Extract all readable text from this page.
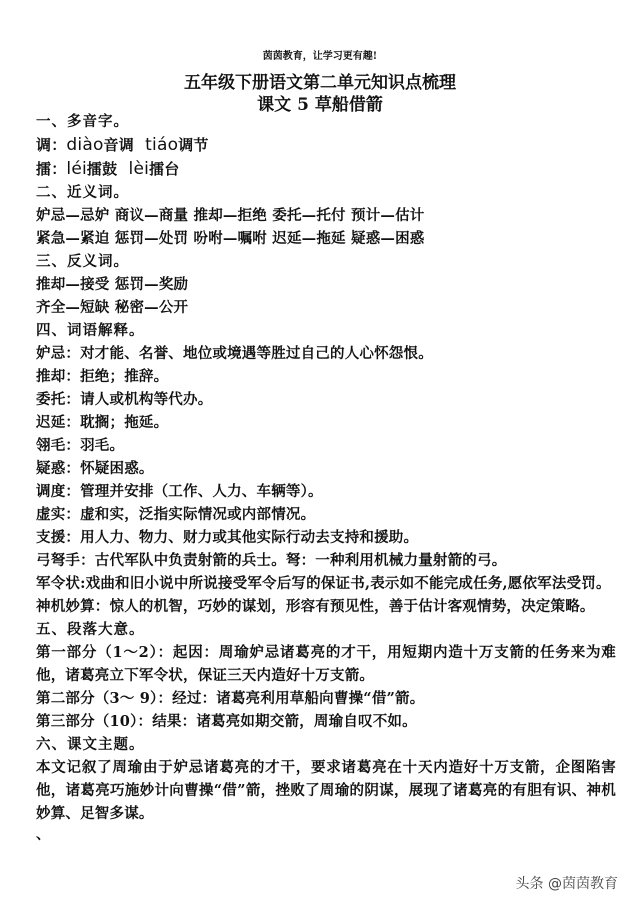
茵茵教育，让学习更有趣!
五年级下册语文第二单元知识点梳理
课文 5 草船借箭
一、多音字。
调：diào音调 tiáo调节
擂：léi擂鼓 lèi擂台
二、近义词。
妒忌—忌妒 商议—商量 推却—拒绝 委托—托付 预计—估计
紧急—紧迫 惩罚—处罚 吩咐—嘱咐 迟延—拖延 疑惑—困惑
三、反义词。
推却—接受 惩罚—奖励
齐全—短缺 秘密—公开
四、词语解释。
妒忌：对才能、名誉、地位或境遇等胜过自己的人心怀怨恨。
推却：拒绝；推辞。
委托：请人或机构等代办。
迟延：耽搁；拖延。
翎毛：羽毛。
疑惑：怀疑困惑。
调度：管理并安排（工作、人力、车辆等）。
虚实：虚和实，泛指实际情况或内部情况。
支援：用人力、物力、财力或其他实际行动去支持和援助。
弓弩手：古代军队中负责射箭的兵士。弩：一种利用机械力量射箭的弓。
军令状:戏曲和旧小说中所说接受军令后写的保证书,表示如不能完成任务,愿依军法受罚。
神机妙算：惊人的机智，巧妙的谋划，形容有预见性，善于估计客观情势，决定策略。
五、段落大意。
第一部分（1～2）：起因：周瑜妒忌诸葛亮的才干，用短期内造十万支箭的任务来为难他，诸葛亮立下军令状，保证三天内造好十万支箭。
第二部分（3～ 9）：经过：诸葛亮利用草船向曹操“借”箭。
第三部分（10）：结果：诸葛亮如期交箭，周瑜自叹不如。
六、课文主题。
本文记叙了周瑜由于妒忌诸葛亮的才干，要求诸葛亮在十天内造好十万支箭，企图陷害他，诸葛亮巧施妙计向曹操“借”箭，挫败了周瑜的阴谋，展现了诸葛亮的有胆有识、神机妙算、足智多谋。
、
头条 @茵茵教育
